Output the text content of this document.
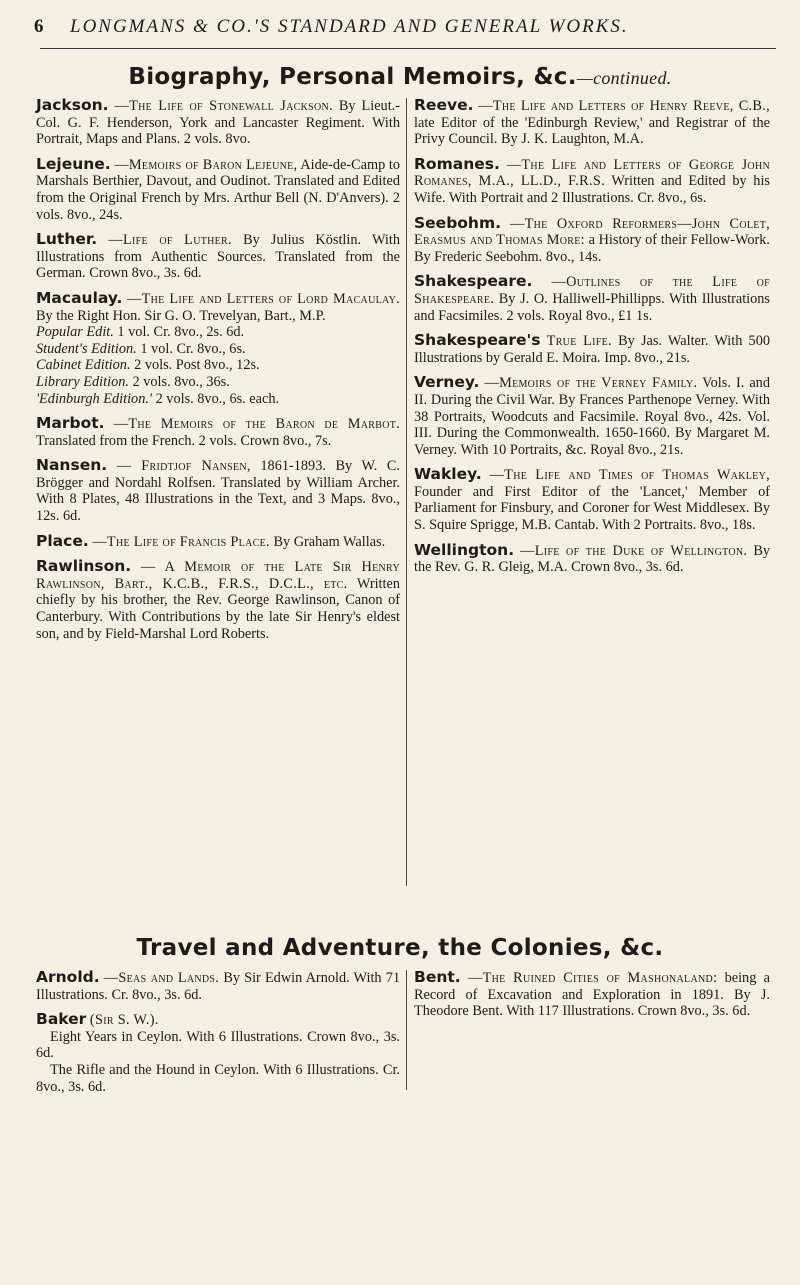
6	LONGMANS & CO.'S STANDARD AND GENERAL WORKS.
Biography, Personal Memoirs, &c.—continued.
Jackson. —The Life of Stonewall Jackson. By Lieut.-Col. G. F. Henderson, York and Lancaster Regiment. With Portrait, Maps and Plans. 2 vols. 8vo.
Lejeune. —Memoirs of Baron Lejeune, Aide-de-Camp to Marshals Berthier, Davout, and Oudinot. Translated and Edited from the Original French by Mrs. Arthur Bell (N. D'Anvers). 2 vols. 8vo., 24s.
Luther. —Life of Luther. By Julius Köstlin. With Illustrations from Authentic Sources. Translated from the German. Crown 8vo., 3s. 6d.
Macaulay. —The Life and Letters of Lord Macaulay. By the Right Hon. Sir G. O. Trevelyan, Bart., M.P.

Popular Edit. 1 vol. Cr. 8vo., 2s. 6d.

Student's Edition. 1 vol. Cr. 8vo., 6s.

Cabinet Edition. 2 vols. Post 8vo., 12s.

Library Edition. 2 vols. 8vo., 36s.

'Edinburgh Edition.' 2 vols. 8vo., 6s. each.

Marbot. —The Memoirs of the Baron de Marbot. Translated from the French. 2 vols. Crown 8vo., 7s.
Nansen. — Fridtjof Nansen, 1861-1893. By W. C. Brögger and Nordahl Rolfsen. Translated by William Archer. With 8 Plates, 48 Illustrations in the Text, and 3 Maps. 8vo., 12s. 6d.
Place. —The Life of Francis Place. By Graham Wallas.
Rawlinson. — A Memoir of the Late Sir Henry Rawlinson, Bart., K.C.B., F.R.S., D.C.L., etc. Written chiefly by his brother, the Rev. George Rawlinson, Canon of Canterbury. With Contributions by the late Sir Henry's eldest son, and by Field-Marshal Lord Roberts.
Reeve. —The Life and Letters of Henry Reeve, C.B., late Editor of the 'Edinburgh Review,' and Registrar of the Privy Council. By J. K. Laughton, M.A.
Romanes. —The Life and Letters of George John Romanes, M.A., LL.D., F.R.S. Written and Edited by his Wife. With Portrait and 2 Illustrations. Cr. 8vo., 6s.
Seebohm. —The Oxford Reformers—John Colet, Erasmus and Thomas More: a History of their Fellow-Work. By Frederic Seebohm. 8vo., 14s.
Shakespeare. —Outlines of the Life of Shakespeare. By J. O. Halliwell-Phillipps. With Illustrations and Facsimiles. 2 vols. Royal 8vo., £1 1s.
Shakespeare's True Life. By Jas. Walter. With 500 Illustrations by Gerald E. Moira. Imp. 8vo., 21s.
Verney. —Memoirs of the Verney Family. Vols. I. and II. During the Civil War. By Frances Parthenope Verney. With 38 Portraits, Woodcuts and Facsimile. Royal 8vo., 42s. Vol. III. During the Commonwealth. 1650-1660. By Margaret M. Verney. With 10 Portraits, &c. Royal 8vo., 21s.
Wakley. —The Life and Times of Thomas Wakley, Founder and First Editor of the 'Lancet,' Member of Parliament for Finsbury, and Coroner for West Middlesex. By S. Squire Sprigge, M.B. Cantab. With 2 Portraits. 8vo., 18s.
Wellington. —Life of the Duke of Wellington. By the Rev. G. R. Gleig, M.A. Crown 8vo., 3s. 6d.
Travel and Adventure, the Colonies, &c.
Arnold. —Seas and Lands. By Sir Edwin Arnold. With 71 Illustrations. Cr. 8vo., 3s. 6d.
Baker (Sir S. W.).

Eight Years in Ceylon. With 6 Illustrations. Crown 8vo., 3s. 6d.

The Rifle and the Hound in Ceylon. With 6 Illustrations. Cr. 8vo., 3s. 6d.

Bent. —The Ruined Cities of Mashonaland: being a Record of Excavation and Exploration in 1891. By J. Theodore Bent. With 117 Illustrations. Crown 8vo., 3s. 6d.
